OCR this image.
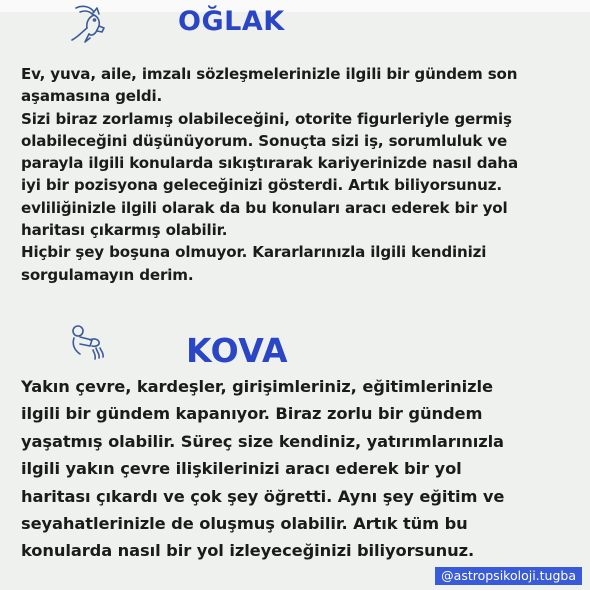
OĞLAK
Ev, yuva, aile, imzalı sözleşmelerinizle ilgili bir gündem son
aşamasına geldi.
Sizi biraz zorlamış olabileceğini, otorite figurleriyle germiş
olabileceğini düşünüyorum. Sonuçta sizi iş, sorumluluk ve
parayla ilgili konularda sıkıştırarak kariyerinizde nasıl daha
iyi bir pozisyona geleceğinizi gösterdi. Artık biliyorsunuz.
evliliğinizle ilgili olarak da bu konuları aracı ederek bir yol
haritası çıkarmış olabilir.
Hiçbir şey boşuna olmuyor. Kararlarınızla ilgili kendinizi
sorgulamayın derim.
KOVA
Yakın çevre, kardeşler, girişimleriniz, eğitimlerinizle
ilgili bir gündem kapanıyor. Biraz zorlu bir gündem
yaşatmış olabilir. Süreç size kendiniz, yatırımlarınızla
ilgili yakın çevre ilişkilerinizi aracı ederek bir yol
haritası çıkardı ve çok şey öğretti. Aynı şey eğitim ve
seyahatlerinizle de oluşmuş olabilir. Artık tüm bu
konularda nasıl bir yol izleyeceğinizi biliyorsunuz.
@astropsikoloji.tugba
